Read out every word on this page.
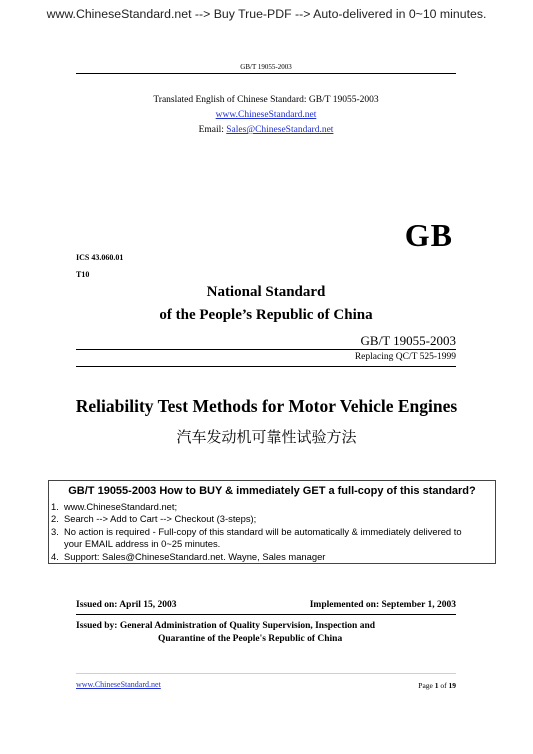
www.ChineseStandard.net --> Buy True-PDF --> Auto-delivered in 0~10 minutes.
GB/T 19055-2003
Translated English of Chinese Standard: GB/T 19055-2003
www.ChineseStandard.net
Email: Sales@ChineseStandard.net
GB
ICS 43.060.01
T10
National Standard
of the People’s Republic of China
GB/T 19055-2003
Replacing QC/T 525-1999
Reliability Test Methods for Motor Vehicle Engines
汽车发动机可靠性试验方法
GB/T 19055-2003 How to BUY & immediately GET a full-copy of this standard?
1. www.ChineseStandard.net;
2. Search --> Add to Cart --> Checkout (3-steps);
3. No action is required - Full-copy of this standard will be automatically & immediately delivered to
your EMAIL address in 0~25 minutes.
4. Support: Sales@ChineseStandard.net. Wayne, Sales manager
Issued on: April 15, 2003	Implemented on: September 1, 2003
Issued by: General Administration of Quality Supervision, Inspection and
Quarantine of the People's Republic of China
www.ChineseStandard.net	Page 1 of 19
